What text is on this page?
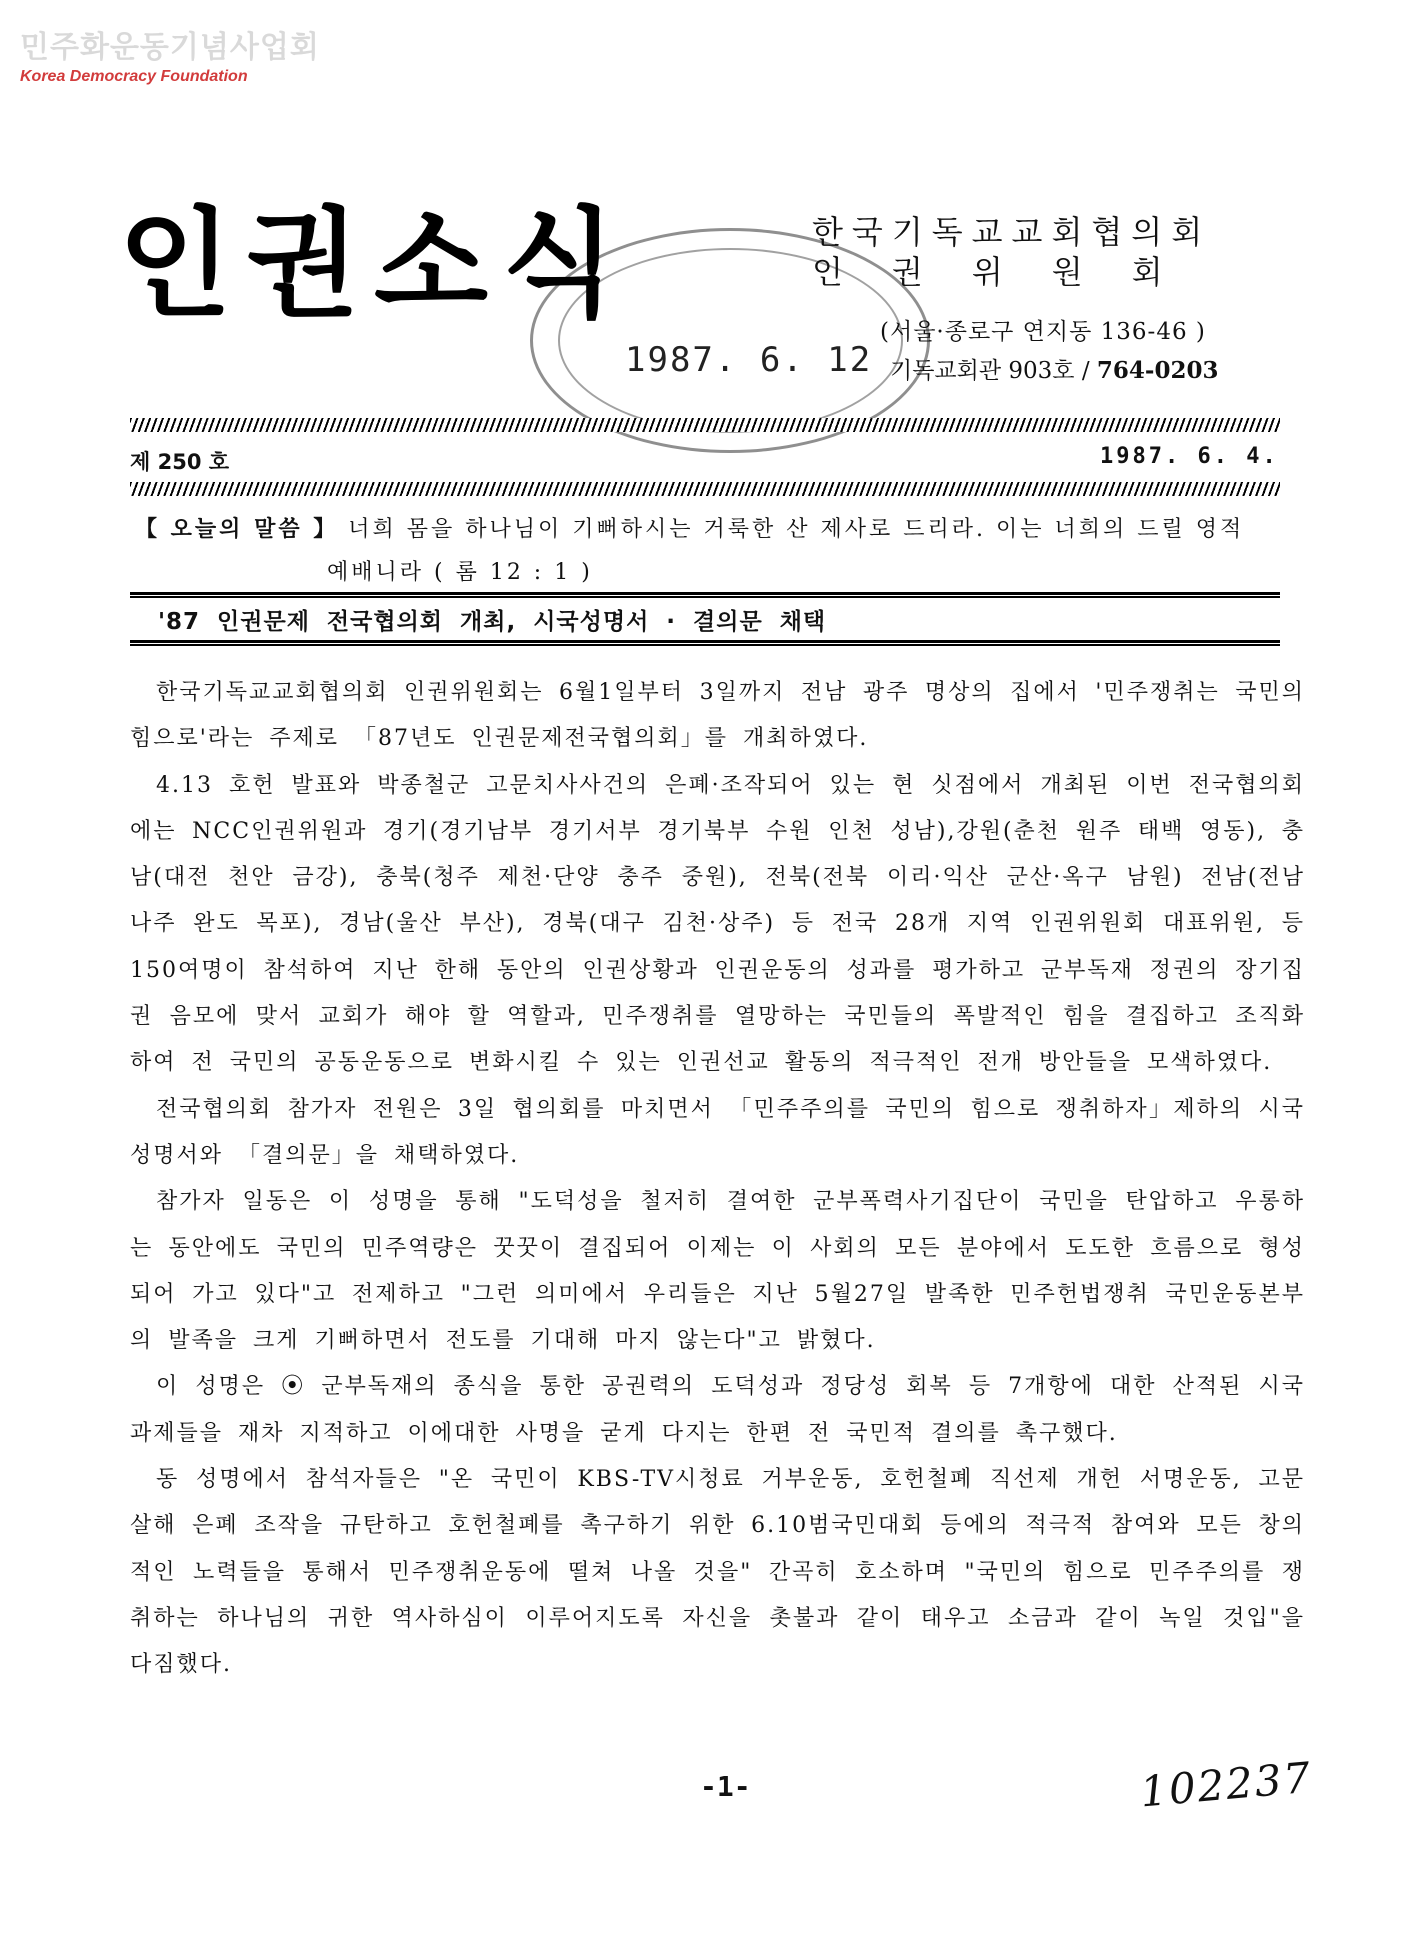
민주화운동기념사업회
Korea Democracy Foundation
1987. 6. 12
인권소식	한국기독교교회협의회
인권위원회
(서울·종로구 연지동 136-46 )
기독교회관 903호 / 764-0203
제 250 호	1987. 6. 4.
【 오늘의 말씀 】 너희 몸을 하나님이 기뻐하시는 거룩한 산 제사로 드리라. 이는 너희의 드릴 영적
예배니라 ( 롬 12 : 1 )
'87 인권문제 전국협의회 개최, 시국성명서 · 결의문 채택

한국기독교교회협의회 인권위원회는 6월1일부터 3일까지 전남 광주 명상의 집에서 '민주쟁취는 국민의 힘으로'라는 주제로 「87년도 인권문제전국협의회」를 개최하였다.

4.13 호헌 발표와 박종철군 고문치사사건의 은폐·조작되어 있는 현 싯점에서 개최된 이번 전국협의회에는 NCC인권위원과 경기(경기남부 경기서부 경기북부 수원 인천 성남),강원(춘천 원주 태백 영동), 충남(대전 천안 금강), 충북(청주 제천·단양 충주 중원), 전북(전북 이리·익산 군산·옥구 남원) 전남(전남 나주 완도 목포), 경남(울산 부산), 경북(대구 김천·상주) 등 전국 28개 지역 인권위원회 대표위원, 등 150여명이 참석하여 지난 한해 동안의 인권상황과 인권운동의 성과를 평가하고 군부독재 정권의 장기집권 음모에 맞서 교회가 해야 할 역할과, 민주쟁취를 열망하는 국민들의 폭발적인 힘을 결집하고 조직화하여 전 국민의 공동운동으로 변화시킬 수 있는 인권선교 활동의 적극적인 전개 방안들을 모색하였다.

전국협의회 참가자 전원은 3일 협의회를 마치면서 「민주주의를 국민의 힘으로 쟁취하자」제하의 시국 성명서와 「결의문」을 채택하였다.

참가자 일동은 이 성명을 통해 "도덕성을 철저히 결여한 군부폭력사기집단이 국민을 탄압하고 우롱하는 동안에도 국민의 민주역량은 꿋꿋이 결집되어 이제는 이 사회의 모든 분야에서 도도한 흐름으로 형성되어 가고 있다"고 전제하고 "그런 의미에서 우리들은 지난 5월27일 발족한 민주헌법쟁취 국민운동본부의 발족을 크게 기뻐하면서 전도를 기대해 마지 않는다"고 밝혔다.

이 성명은 ⦿ 군부독재의 종식을 통한 공권력의 도덕성과 정당성 회복 등 7개항에 대한 산적된 시국과제들을 재차 지적하고 이에대한 사명을 굳게 다지는 한편 전 국민적 결의를 촉구했다.

동 성명에서 참석자들은 "온 국민이 KBS-TV시청료 거부운동, 호헌철폐 직선제 개헌 서명운동, 고문살해 은폐 조작을 규탄하고 호헌철폐를 촉구하기 위한 6.10범국민대회 등에의 적극적 참여와 모든 창의적인 노력들을 통해서 민주쟁취운동에 떨쳐 나올 것을" 간곡히 호소하며 "국민의 힘으로 민주주의를 쟁취하는 하나님의 귀한 역사하심이 이루어지도록 자신을 촛불과 같이 태우고 소금과 같이 녹일 것입"을 다짐했다.

-1-	102237
